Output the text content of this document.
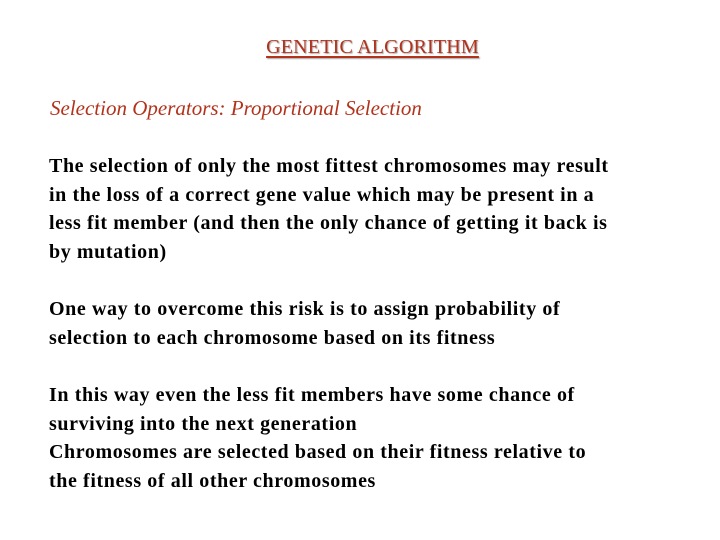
GENETIC ALGORITHM
Selection Operators: Proportional Selection

The selection of only the most fittest chromosomes may result
in the loss of a correct gene value which may be present in a
less fit member (and then the only chance of getting it back is
by mutation)

One way to overcome this risk is to assign probability of
selection to each chromosome based on its fitness

In this way even the less fit members have some chance of
surviving into the next generation
Chromosomes are selected based on their fitness relative to
the fitness of all other chromosomes
